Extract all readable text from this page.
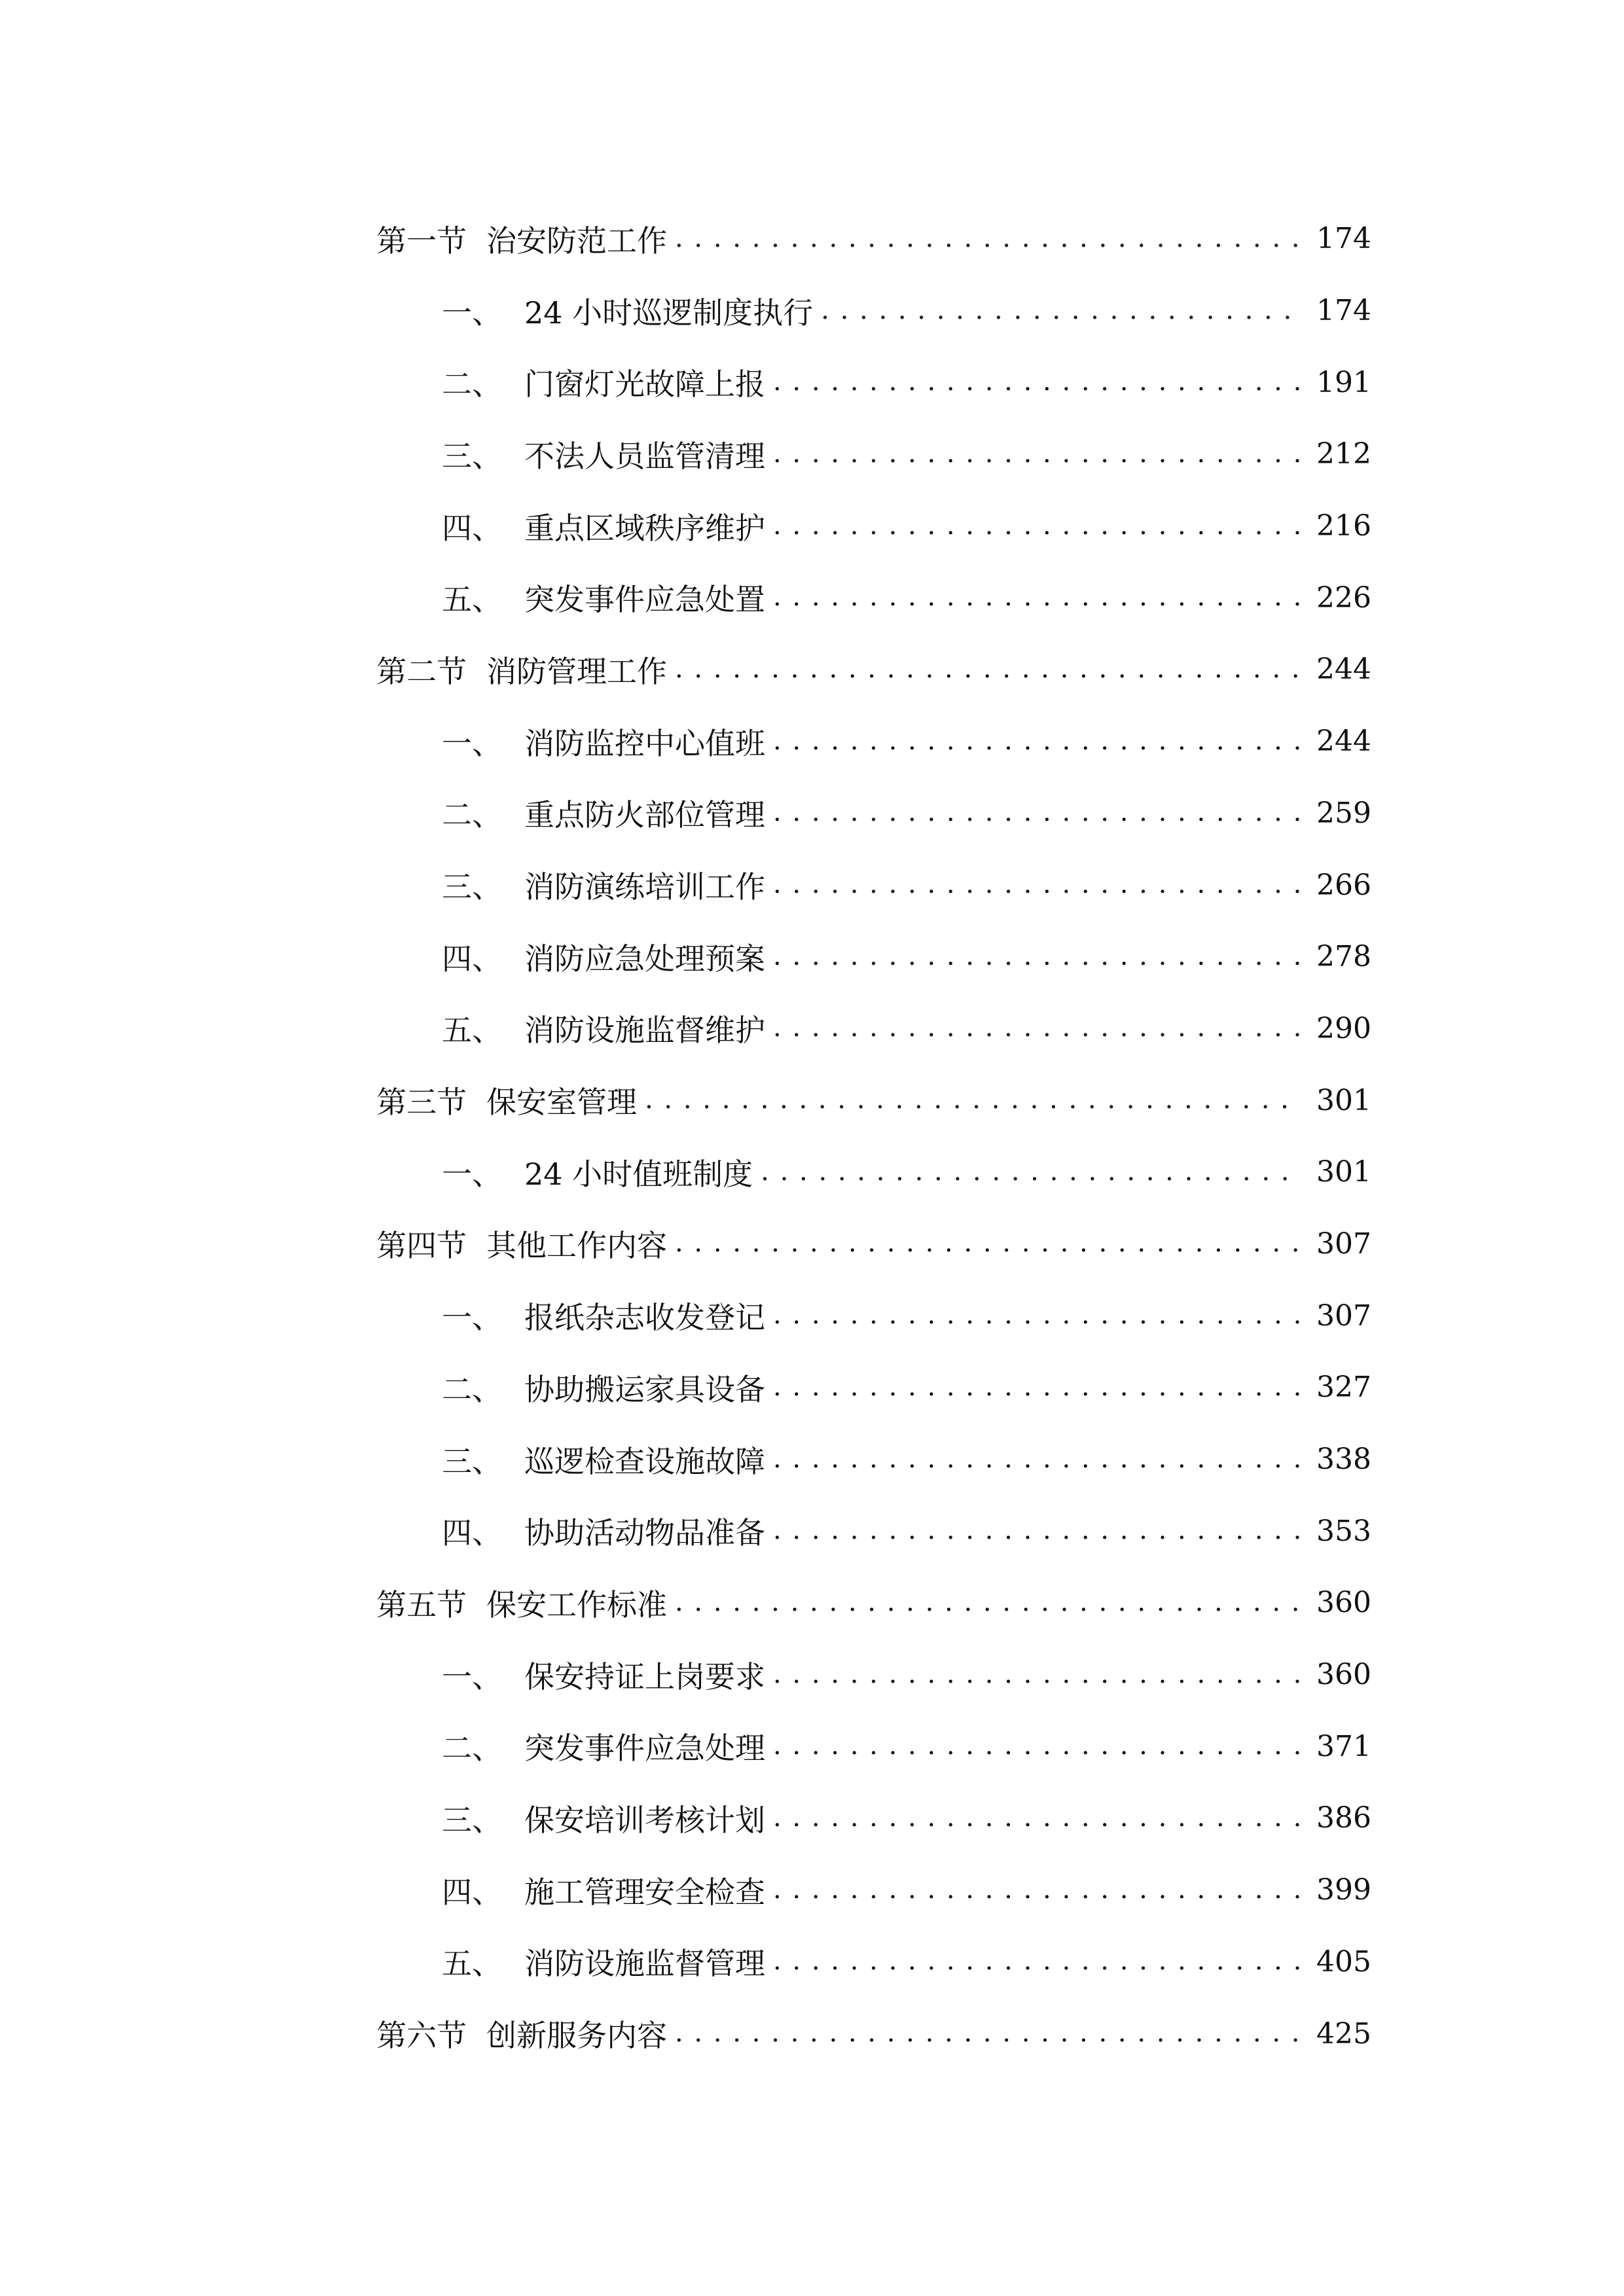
第一节 治安防范工作 . . .	174
一、 24 小时巡逻制度执行 . . .	174
二、 门窗灯光故障上报 . . .	191
三、 不法人员监管清理 . . .	212
四、 重点区域秩序维护 . . .	216
五、 突发事件应急处置 . . .	226
第二节 消防管理工作 . . .	244
一、 消防监控中心值班 . . .	244
二、 重点防火部位管理 . . .	259
三、 消防演练培训工作 . . .	266
四、 消防应急处理预案 . . .	278
五、 消防设施监督维护 . . .	290
第三节 保安室管理 . . .	301
一、 24 小时值班制度 . . .	301
第四节 其他工作内容 . . .	307
一、 报纸杂志收发登记 . . .	307
二、 协助搬运家具设备 . . .	327
三、 巡逻检查设施故障 . . .	338
四、 协助活动物品准备 . . .	353
第五节 保安工作标准 . . .	360
一、 保安持证上岗要求 . . .	360
二、 突发事件应急处理 . . .	371
三、 保安培训考核计划 . . .	386
四、 施工管理安全检查 . . .	399
五、 消防设施监督管理 . . .	405
第六节 创新服务内容 . . .	425
